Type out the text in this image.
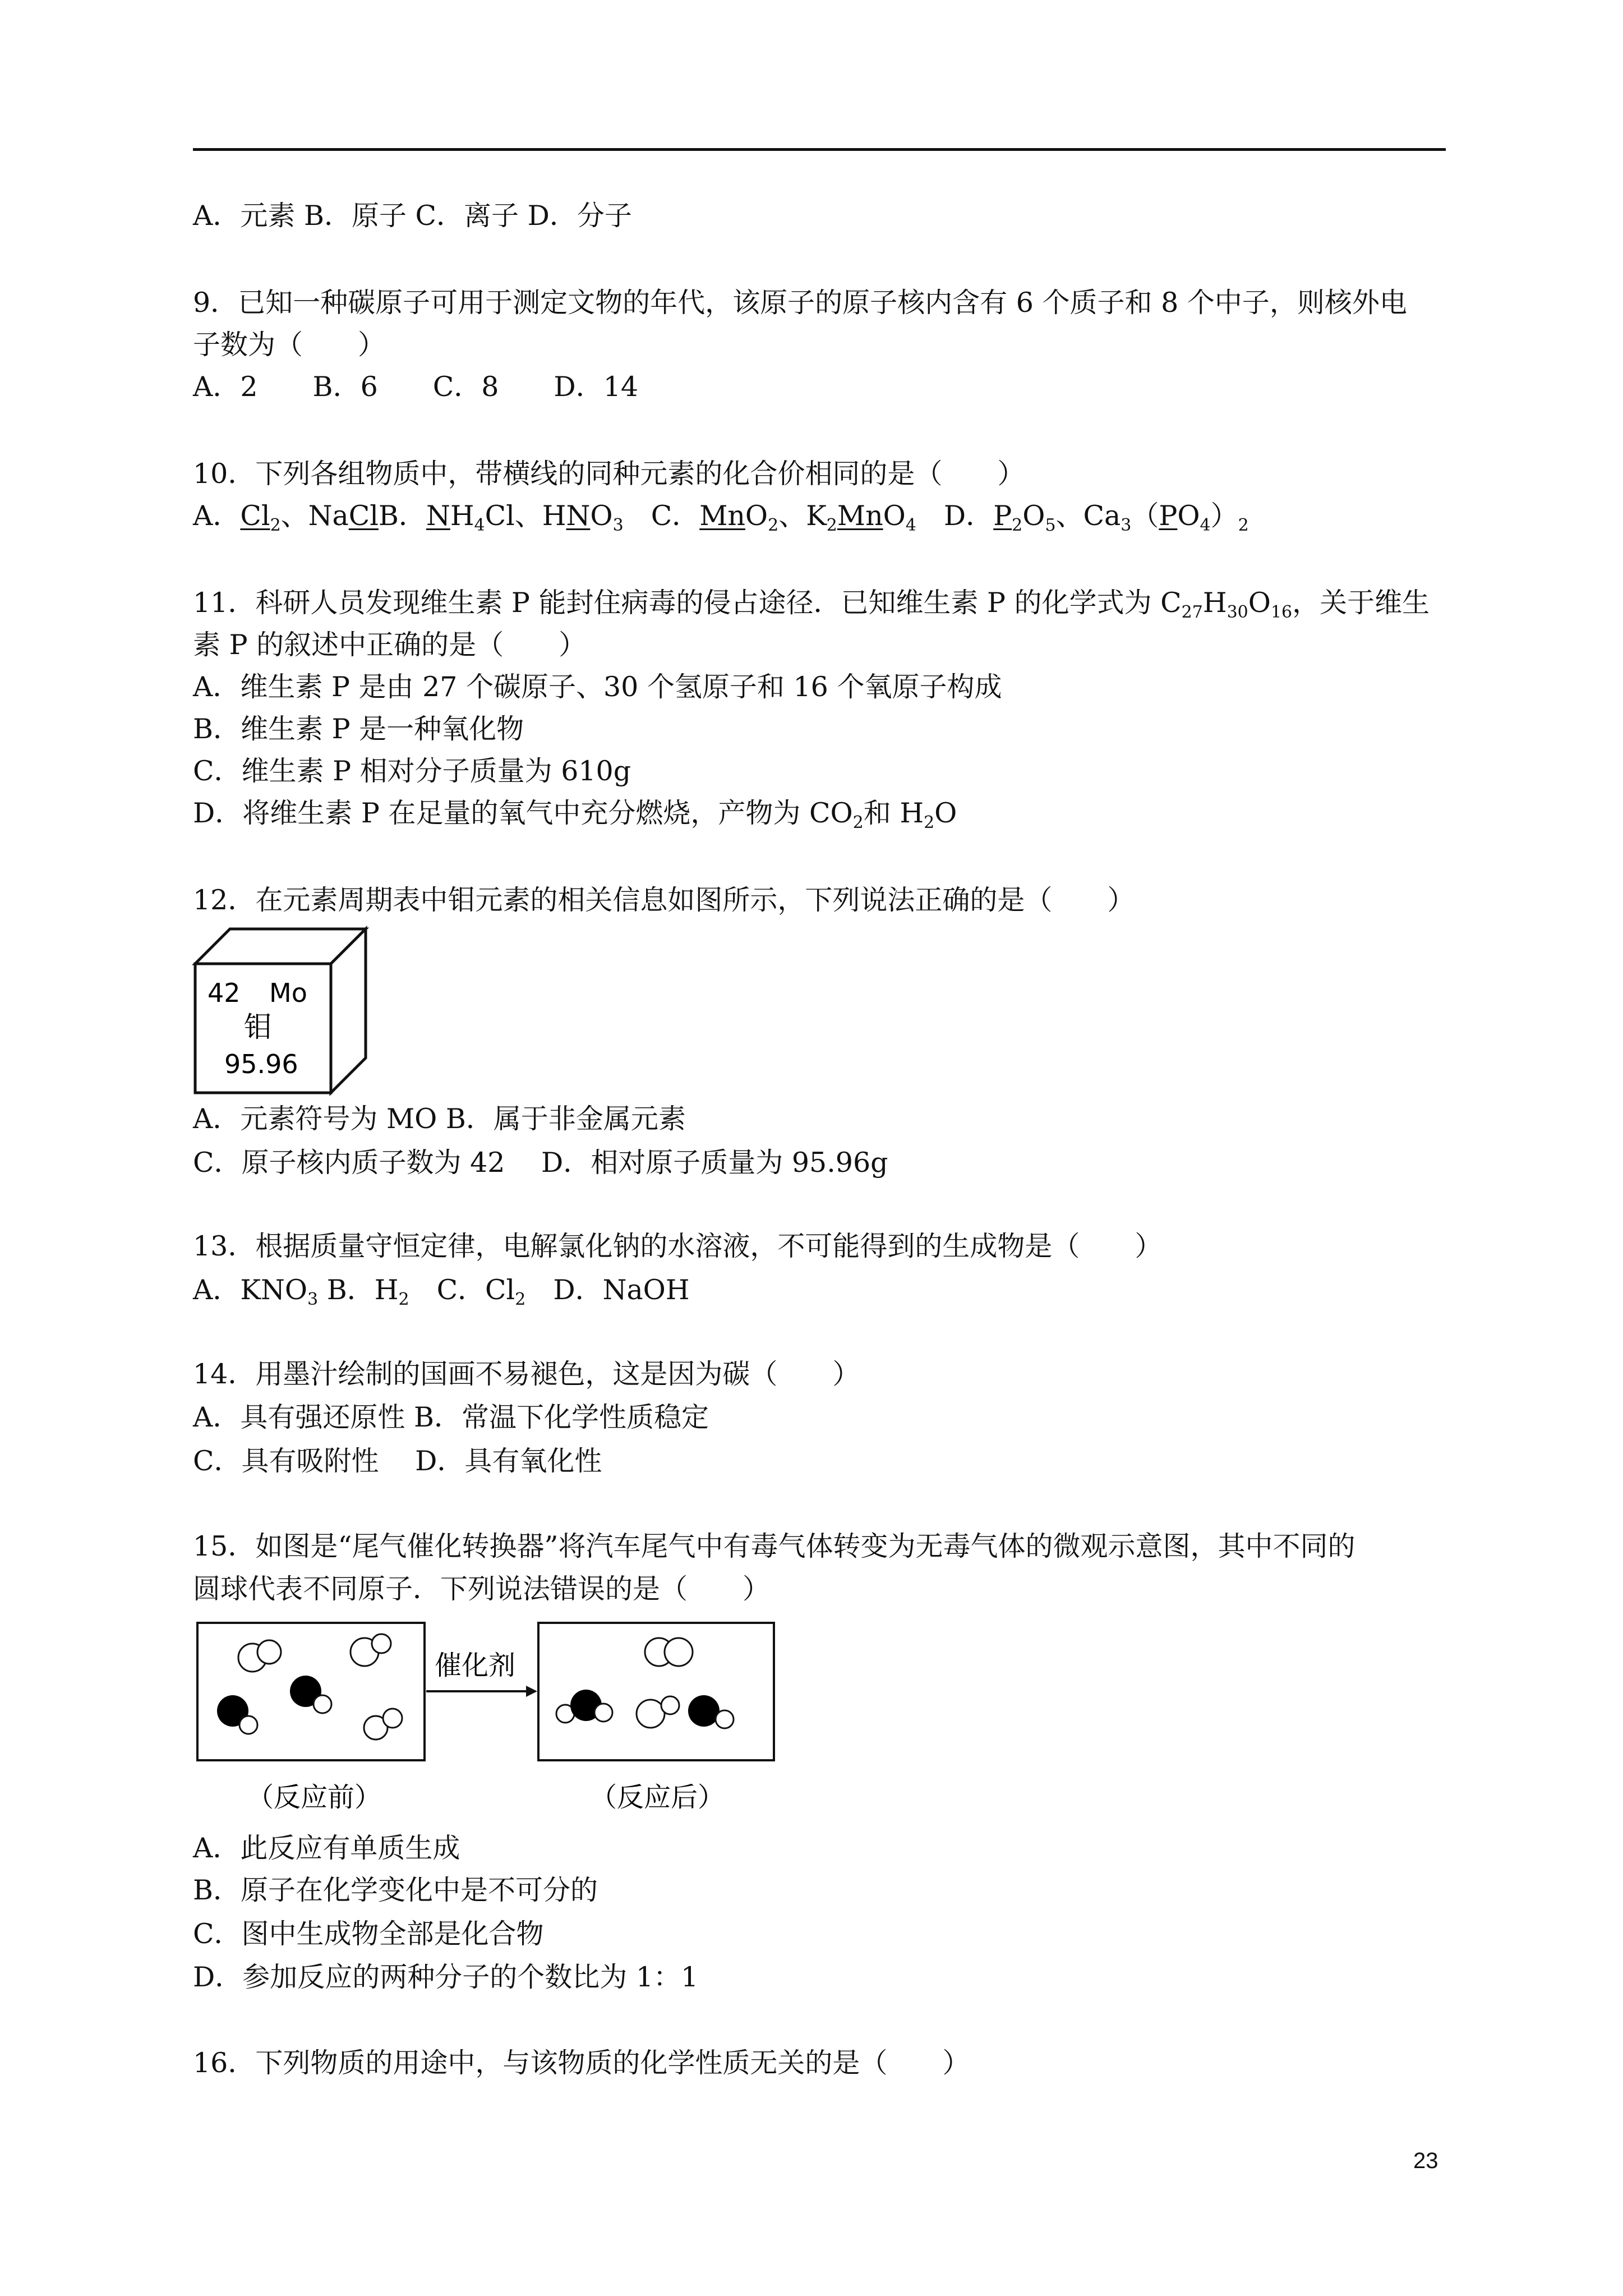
A．元素 B．原子 C．离子 D．分子
9．已知一种碳原子可用于测定文物的年代，该原子的原子核内含有 6 个质子和 8 个中子，则核外电
子数为（　　）
A．2　　B．6　　C．8　　D．14
10．下列各组物质中，带横线的同种元素的化合价相同的是（　　）
A．$Cl_2$、NaClB．$NH_4Cl$、$HNO_3$　C．MnO$_2$、$K_2MnO_4$　D．$P_2O_5$、$Ca_3(PO_4)_2$
11．科研人员发现维生素 P 能封住病毒的侵占途径．已知维生素 P 的化学式为 $C_{27}H_{30}O_{16}$，关于维生
素 P 的叙述中正确的是（　　）
A．维生素 P 是由 27 个碳原子、30 个氢原子和 16 个氧原子构成
B．维生素 P 是一种氧化物
C．维生素 P 相对分子质量为 610g
D．将维生素 P 在足量的氧气中充分燃烧，产物为 $CO_2$和 $H_2O$
12．在元素周期表中钼元素的相关信息如图所示，下列说法正确的是（　　）
42 Mo
钼
95.96
A．元素符号为 MO B．属于非金属元素
C．原子核内质子数为 42　 D．相对原子质量为 95.96g
13．根据质量守恒定律，电解氯化钠的水溶液，不可能得到的生成物是（　　）
A．$KNO_3$ B．$H_2$　C．$Cl_2$　D．NaOH
14．用墨汁绘制的国画不易褪色，这是因为碳（　　）
A．具有强还原性 B．常温下化学性质稳定
C．具有吸附性　 D．具有氧化性
15．如图是“尾气催化转换器”将汽车尾气中有毒气体转变为无毒气体的微观示意图，其中不同的
圆球代表不同原子．下列说法错误的是（　　）
催化剂
（反应前）	（反应后）
A．此反应有单质生成
B．原子在化学变化中是不可分的
C．图中生成物全部是化合物
D．参加反应的两种分子的个数比为 1：1
16．下列物质的用途中，与该物质的化学性质无关的是（　　）
23
